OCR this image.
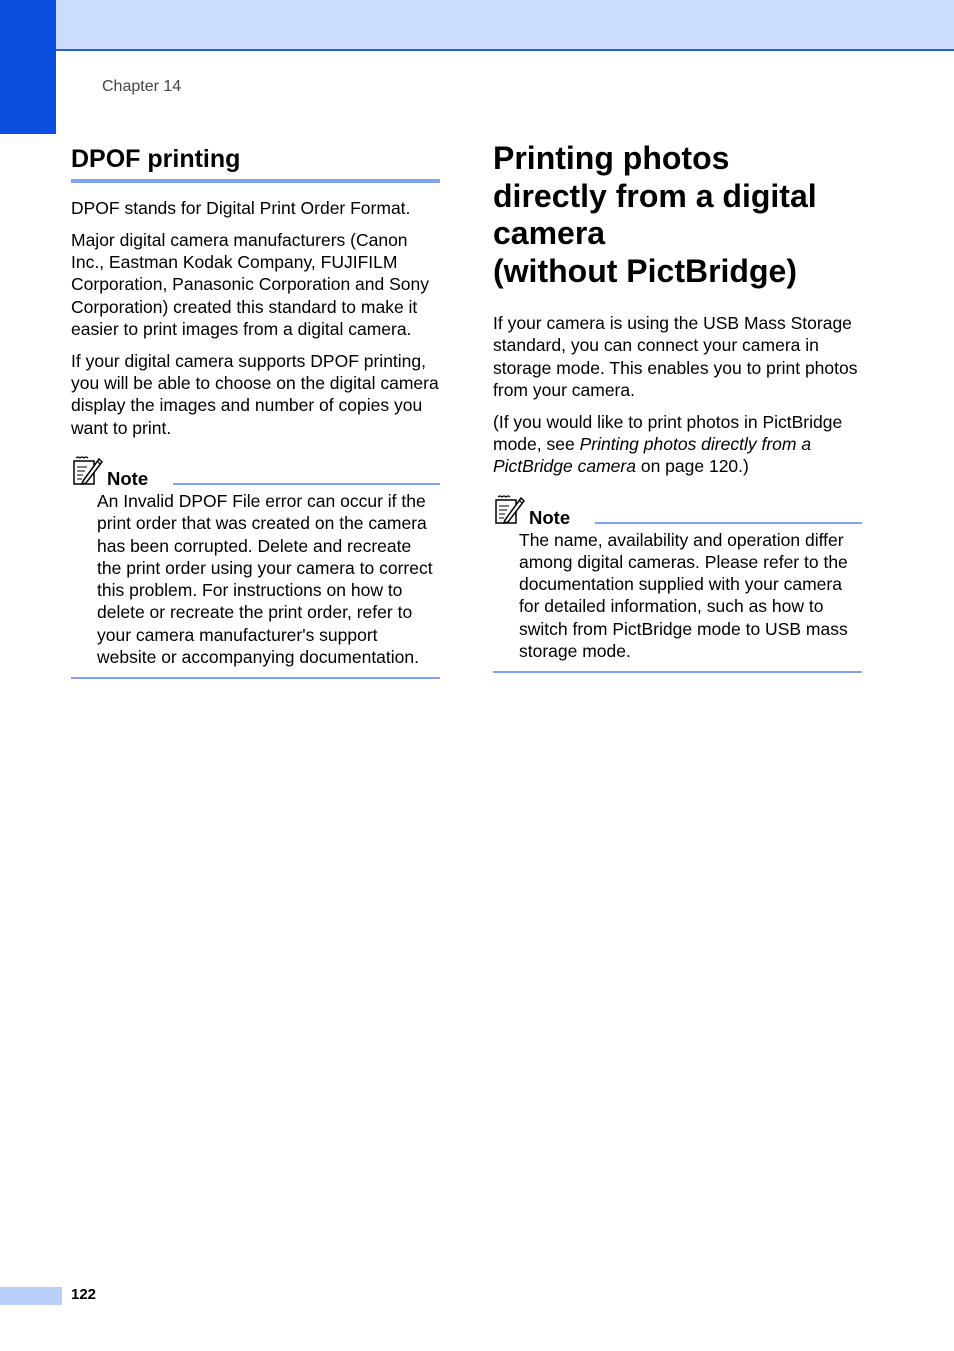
Chapter 14
DPOF printing

DPOF stands for Digital Print Order Format.

Major digital camera manufacturers (Canon Inc., Eastman Kodak Company, FUJIFILM Corporation, Panasonic Corporation and Sony Corporation) created this standard to make it easier to print images from a digital camera.

If your digital camera supports DPOF printing, you will be able to choose on the digital camera display the images and number of copies you want to print.

Note
An Invalid DPOF File error can occur if the print order that was created on the camera has been corrupted. Delete and recreate the print order using your camera to correct this problem. For instructions on how to delete or recreate the print order, refer to your camera manufacturer's support website or accompanying documentation.
Printing photos
directly from a digital
camera
(without PictBridge)

If your camera is using the USB Mass Storage standard, you can connect your camera in storage mode. This enables you to print photos from your camera.

(If you would like to print photos in PictBridge mode, see Printing photos directly from a PictBridge camera on page 120.)

Note
The name, availability and operation differ among digital cameras. Please refer to the documentation supplied with your camera for detailed information, such as how to switch from PictBridge mode to USB mass storage mode.
122
